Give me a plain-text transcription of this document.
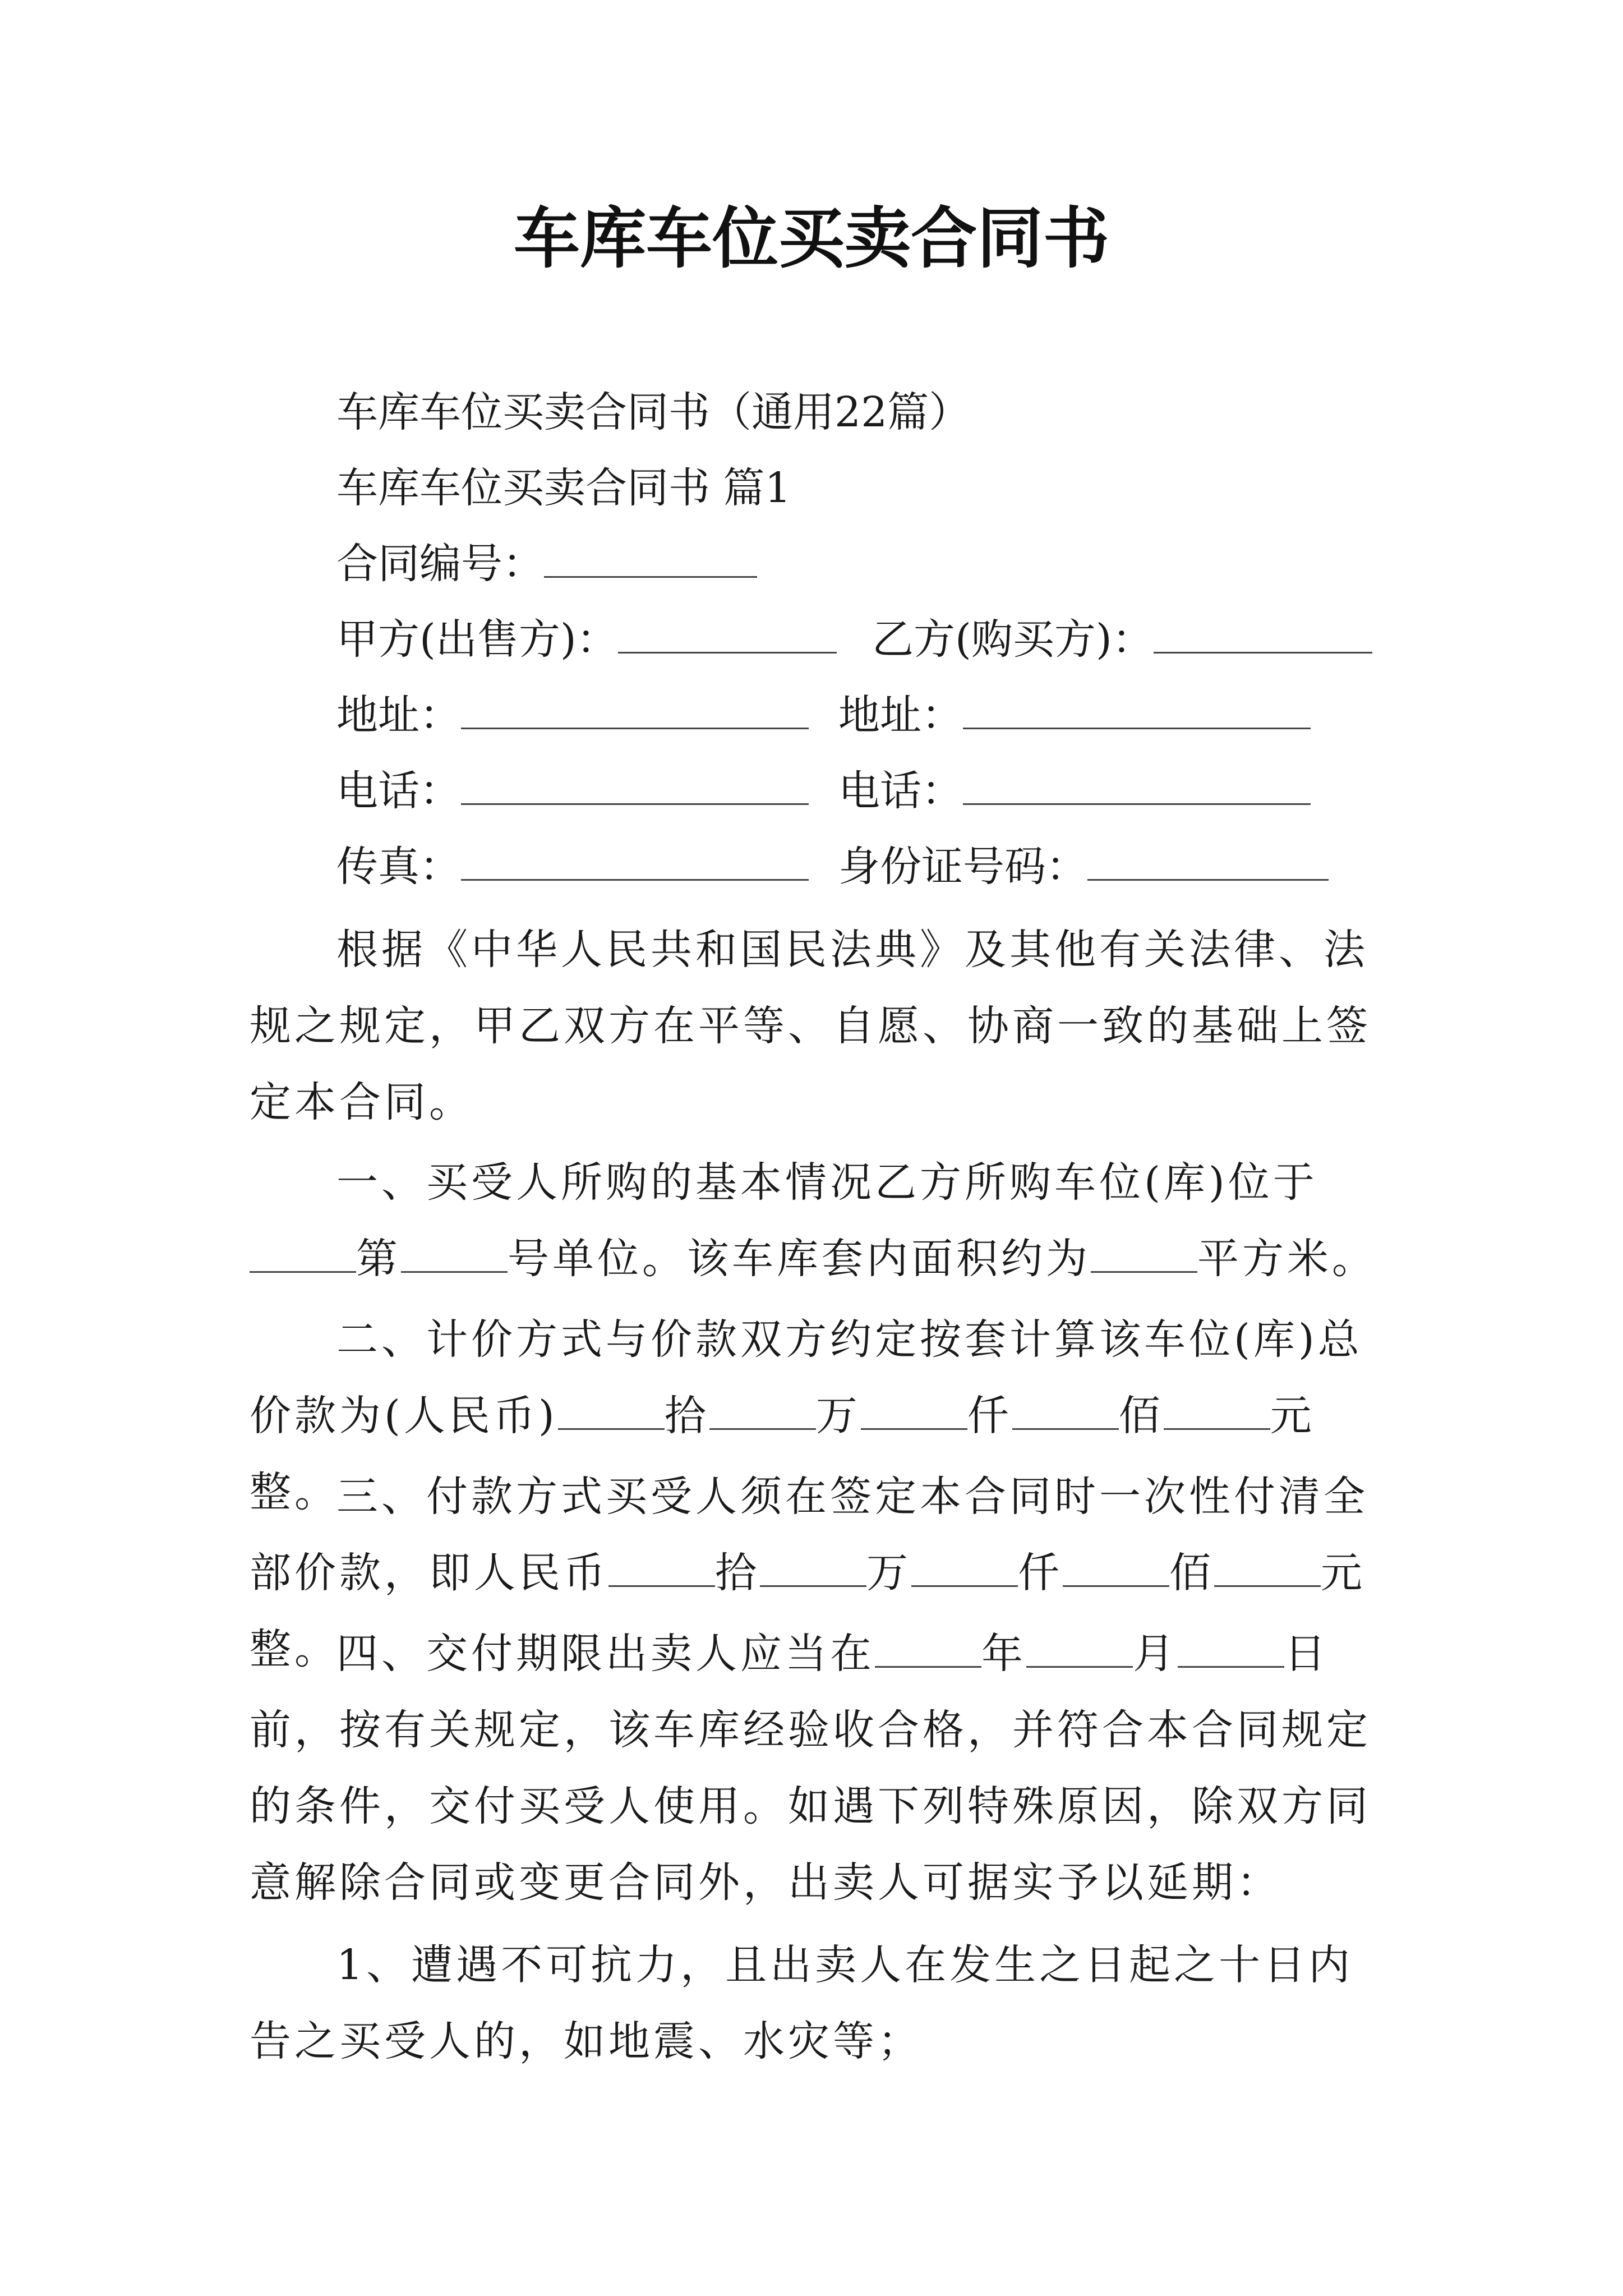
车库车位买卖合同书
车库车位买卖合同书（通用22篇）
车库车位买卖合同书 篇1
合同编号：
甲方(出售方)：	乙方(购买方)：
地址：	地址：
电话：	电话：
传真：	身份证号码：

根据《中华人民共和国民法典》及其他有关法律、法规之规定，甲乙双方在平等、自愿、协商一致的基础上签定本合同。

一、买受人所购的基本情况乙方所购车位(库)位于第	号单位。该车库套内面积约为	平方米。

二、计价方式与价款双方约定按套计算该车位(库)总价款为(人民币)	拾	万	仟	佰	元整。

三、付款方式买受人须在签定本合同时一次性付清全部价款，即人民币	拾	万	仟	佰	元整。

四、交付期限出卖人应当在	年	月	日前，按有关规定，该车库经验收合格，并符合本合同规定的条件，交付买受人使用。如遇下列特殊原因，除双方同意解除合同或变更合同外，出卖人可据实予以延期：

1、遭遇不可抗力，且出卖人在发生之日起之十日内告之买受人的，如地震、水灾等；
